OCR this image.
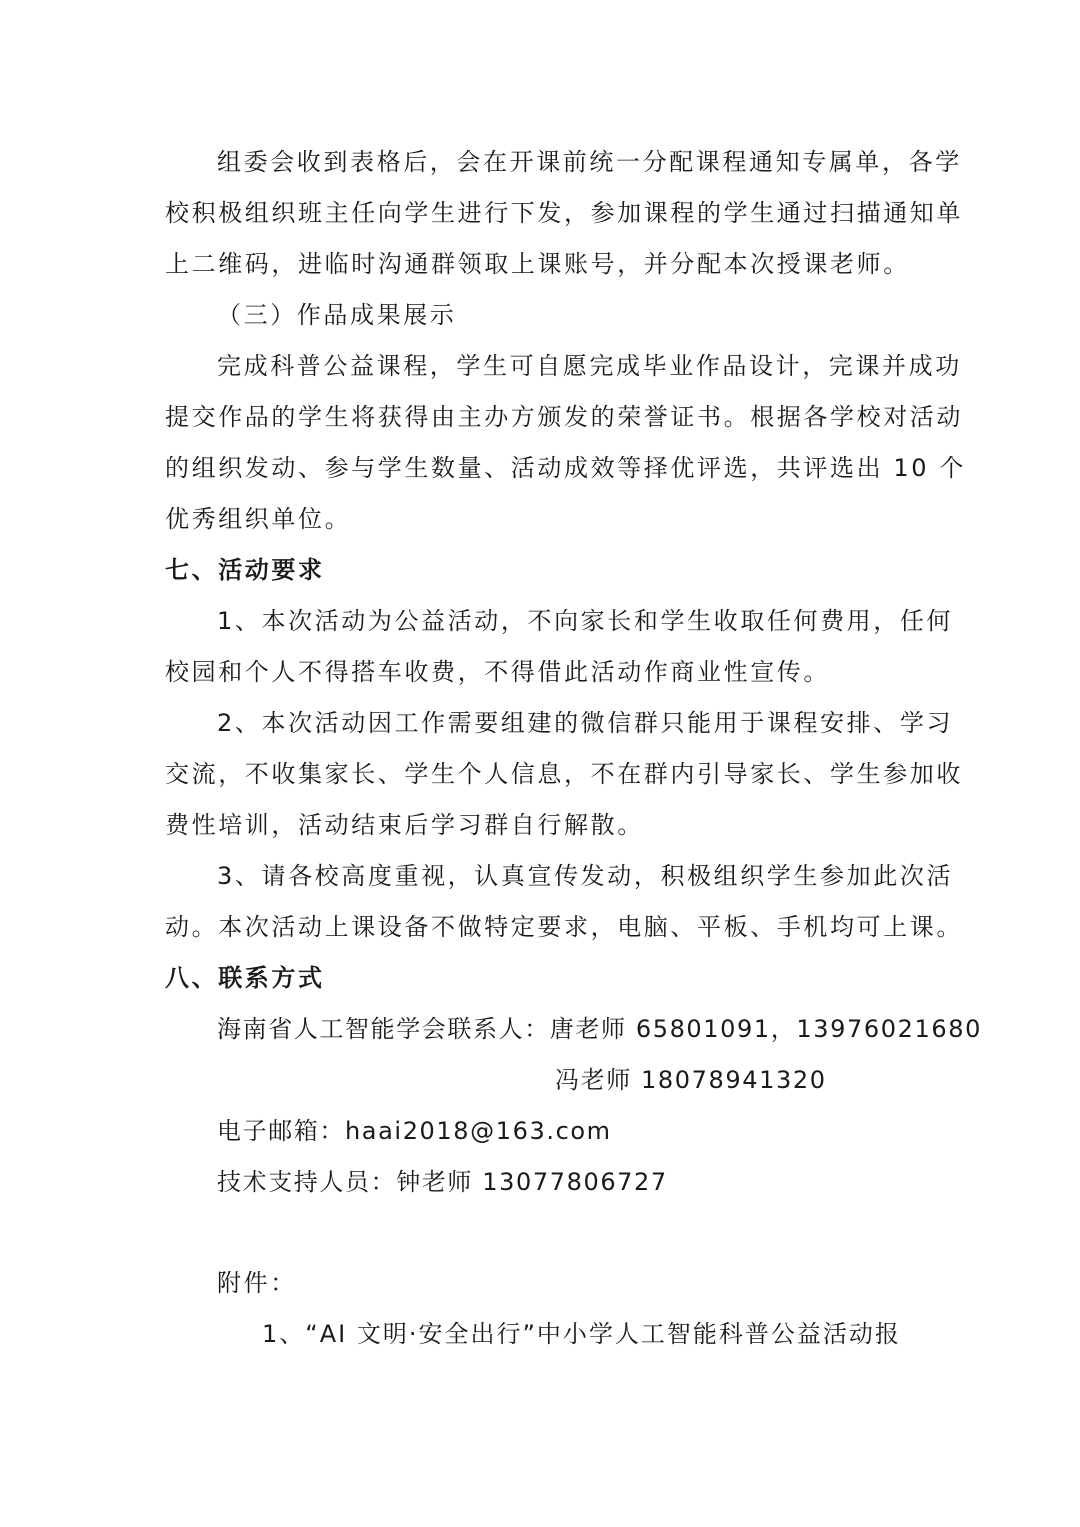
组委会收到表格后，会在开课前统一分配课程通知专属单，各学
校积极组织班主任向学生进行下发，参加课程的学生通过扫描通知单
上二维码，进临时沟通群领取上课账号，并分配本次授课老师。
（三）作品成果展示
完成科普公益课程，学生可自愿完成毕业作品设计，完课并成功
提交作品的学生将获得由主办方颁发的荣誉证书。根据各学校对活动
的组织发动、参与学生数量、活动成效等择优评选，共评选出 10 个
优秀组织单位。
七、活动要求
1、本次活动为公益活动，不向家长和学生收取任何费用，任何
校园和个人不得搭车收费，不得借此活动作商业性宣传。
2、本次活动因工作需要组建的微信群只能用于课程安排、学习
交流，不收集家长、学生个人信息，不在群内引导家长、学生参加收
费性培训，活动结束后学习群自行解散。
3、请各校高度重视，认真宣传发动，积极组织学生参加此次活
动。本次活动上课设备不做特定要求，电脑、平板、手机均可上课。
八、联系方式
海南省人工智能学会联系人：唐老师 65801091，13976021680
冯老师 18078941320
电子邮箱：haai2018@163.com
技术支持人员：钟老师 13077806727
附件：
1、“AI 文明·安全出行”中小学人工智能科普公益活动报
